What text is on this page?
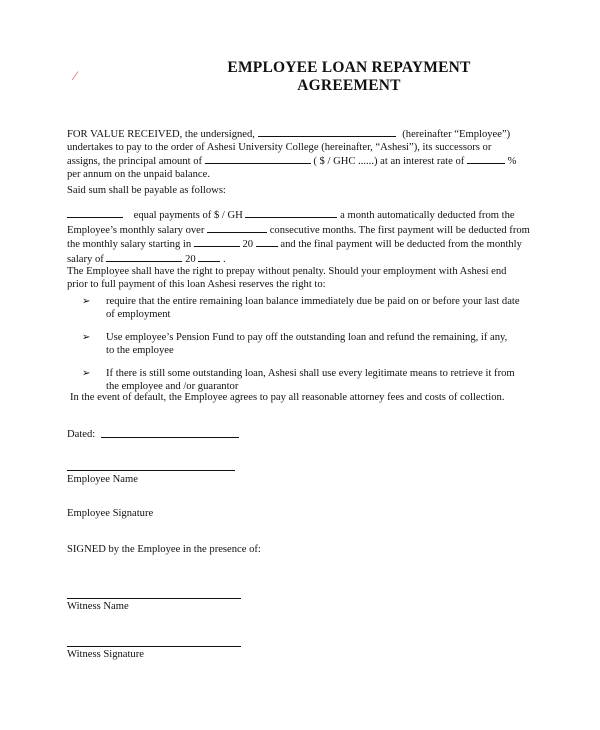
⁄	EMPLOYEE LOAN REPAYMENT
AGREEMENT
FOR VALUE RECEIVED, the undersigned,	(hereinafter “Employee”)
undertakes to pay to the order of Ashesi University College (hereinafter, “Ashesi”), its successors or
assigns, the principal amount of	( $ / GHC ......) at an interest rate of	%
per annum on the unpaid balance.
Said sum shall be payable as follows:
equal payments of $ / GH	a month automatically deducted from the
Employee’s monthly salary over	consecutive months. The first payment will be deducted from
the monthly salary starting in	20	and the final payment will be deducted from the monthly
salary of	20	.
The Employee shall have the right to prepay without penalty. Should your employment with Ashesi end
prior to full payment of this loan Ashesi reserves the right to:
➢ require that the entire remaining loan balance immediately due be paid on or before your last date
of employment
➢ Use employee’s Pension Fund to pay off the outstanding loan and refund the remaining, if any,
to the employee
➢ If there is still some outstanding loan, Ashesi shall use every legitimate means to retrieve it from
the employee and /or guarantor
In the event of default, the Employee agrees to pay all reasonable attorney fees and costs of collection.
Dated:
Employee Name
Employee Signature
SIGNED by the Employee in the presence of:
Witness Name
Witness Signature
